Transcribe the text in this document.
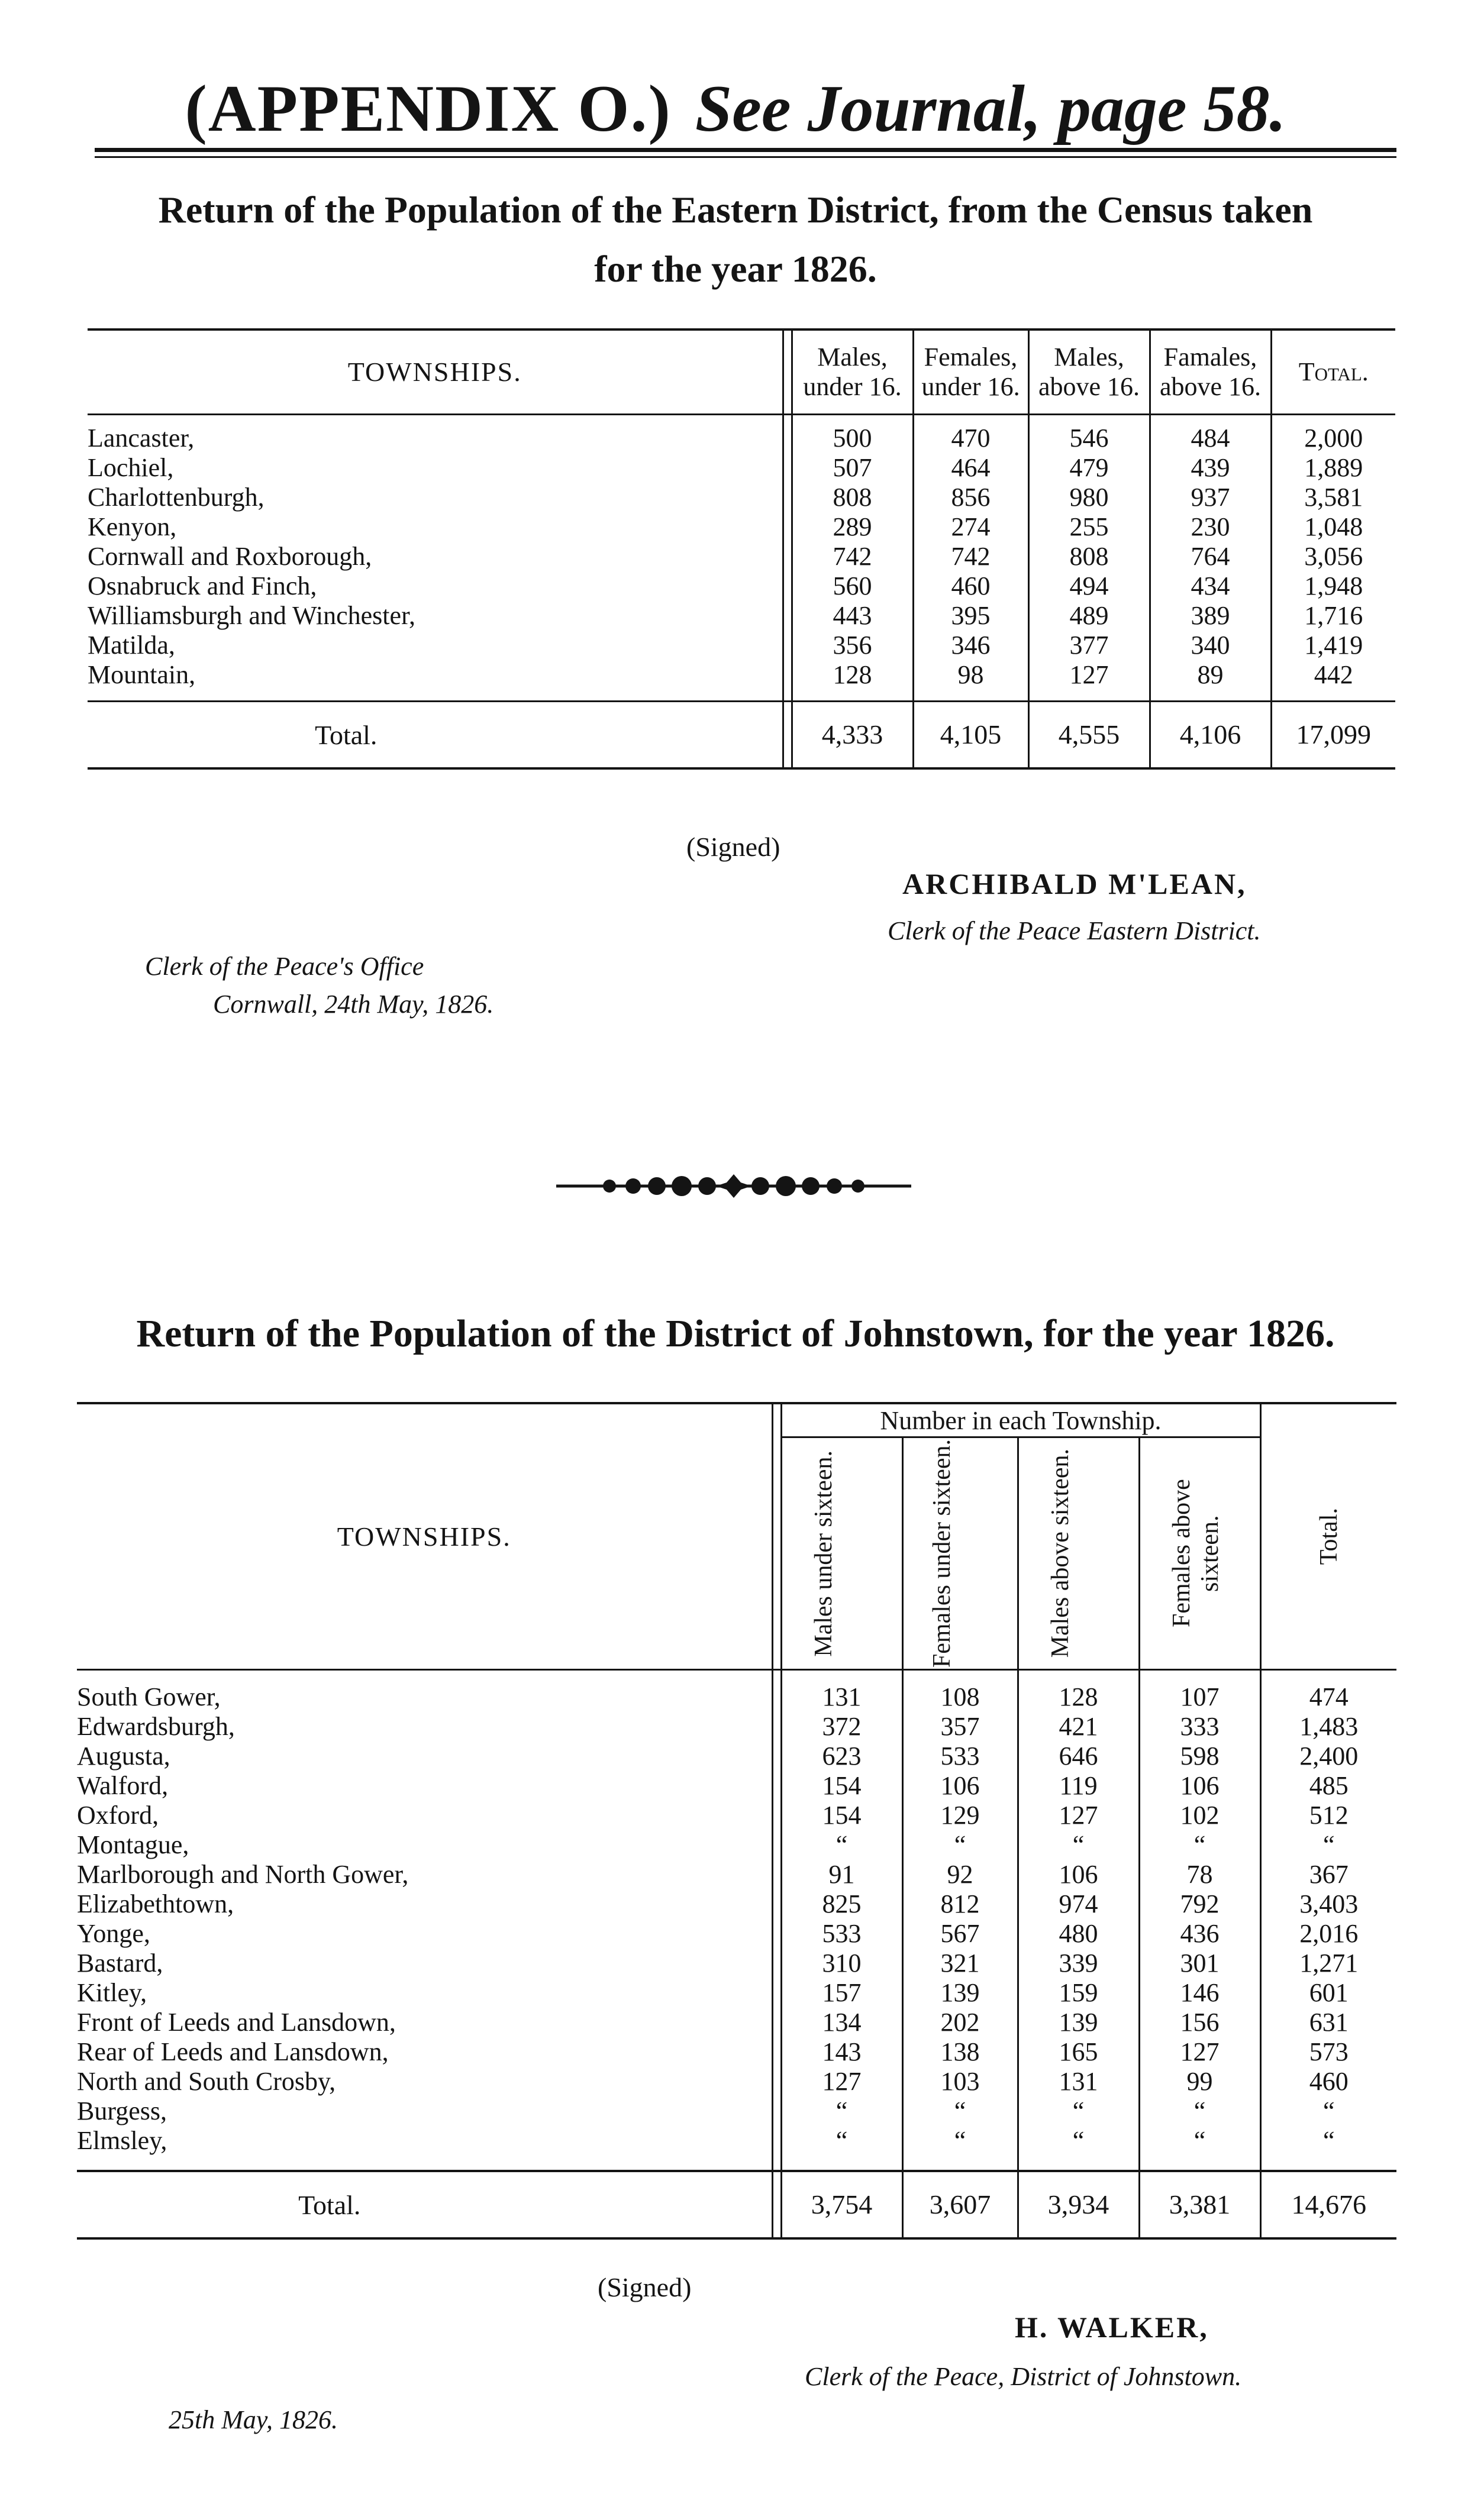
(APPENDIX O.) See Journal, page 58.
Return of the Population of the Eastern District, from the Census taken
for the year 1826.
TOWNSHIPS.		Males, under 16.	Females, under 16.	Males, above 16.	Famales, above 16.	Total.
Lancaster,		500	470	546	484	2,000
Lochiel,		507	464	479	439	1,889
Charlottenburgh,		808	856	980	937	3,581
Kenyon,		289	274	255	230	1,048
Cornwall and Roxborough,		742	742	808	764	3,056
Osnabruck and Finch,		560	460	494	434	1,948
Williamsburgh and Winchester,		443	395	489	389	1,716
Matilda,		356	346	377	340	1,419
Mountain,		128	98	127	89	442
Total.		4,333	4,105	4,555	4,106	17,099
(Signed)
ARCHIBALD M'LEAN,
Clerk of the Peace Eastern District.
Clerk of the Peace's Office
Cornwall, 24th May, 1826.
Return of the Population of the District of Johnstown, for the year 1826.

TOWNSHIPS.		Number in each Township.				Total.

		Males under sixteen.	Females under sixteen.	Males above sixteen.	Females above sixteen.	

South Gower,		131	108	128	107	474
Edwardsburgh,		372	357	421	333	1,483
Augusta,		623	533	646	598	2,400
Walford,		154	106	119	106	485
Oxford,		154	129	127	102	512
Montague,		“	“	“	“	“
Marlborough and North Gower,		91	92	106	78	367
Elizabethtown,		825	812	974	792	3,403
Yonge,		533	567	480	436	2,016
Bastard,		310	321	339	301	1,271
Kitley,		157	139	159	146	601
Front of Leeds and Lansdown,		134	202	139	156	631
Rear of Leeds and Lansdown,		143	138	165	127	573
North and South Crosby,		127	103	131	99	460
Burgess,		“	“	“	“	“
Elmsley,		“	“	“	“	“
Total.		3,754	3,607	3,934	3,381	14,676
(Signed)
H. WALKER,
Clerk of the Peace, District of Johnstown.
25th May, 1826.
